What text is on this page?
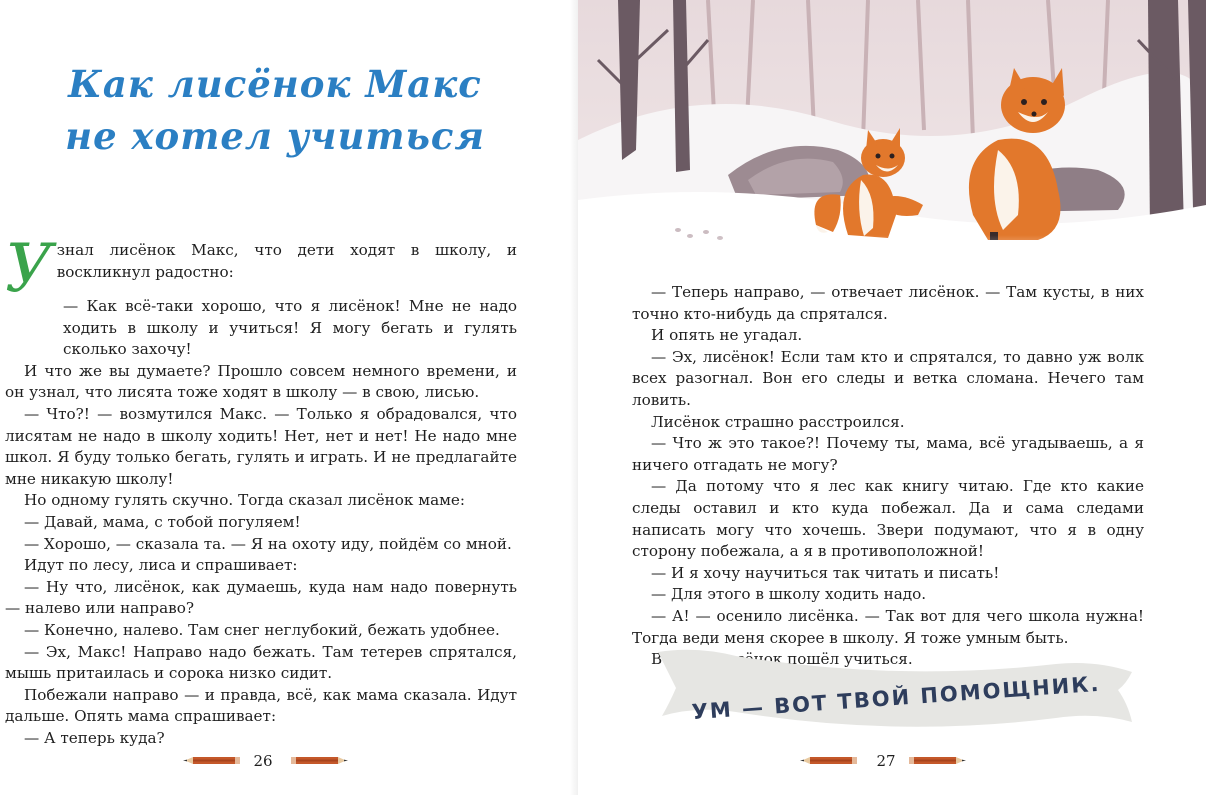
Как лисёнок Макс
не хотел учиться

Узнал лисёнок Макс, что дети ходят в школу, и воскликнул радостно:

— Как всё-таки хорошо, что я лисёнок! Мне не надо ходить в школу и учиться! Я могу бегать и гулять сколько захочу!

И что же вы думаете? Прошло совсем немного времени, и он узнал, что лисята тоже ходят в школу — в свою, лисью.

— Что?! — возмутился Макс. — Только я обрадовался, что лисятам не надо в школу ходить! Нет, нет и нет! Не надо мне школ. Я буду только бегать, гулять и играть. И не предлагайте мне никакую школу!

Но одному гулять скучно. Тогда сказал лисёнок маме:

— Давай, мама, с тобой погуляем!

— Хорошо, — сказала та. — Я на охоту иду, пойдём со мной.

Идут по лесу, лиса и спрашивает:

— Ну что, лисёнок, как думаешь, куда нам надо повернуть — налево или направо?

— Конечно, налево. Там снег неглубокий, бежать удобнее.

— Эх, Макс! Направо надо бежать. Там тетерев спрятался, мышь притаилась и сорока низко сидит.

Побежали направо — и правда, всё, как мама сказала. Идут дальше. Опять мама спрашивает:

— А теперь куда?

26

— Теперь направо, — отвечает лисёнок. — Там кусты, в них точно кто-нибудь да спрятался.

И опять не угадал.

— Эх, лисёнок! Если там кто и спрятался, то давно уж волк всех разогнал. Вон его следы и ветка сломана. Нечего там ловить.

Лисёнок страшно расстроился.

— Что ж это такое?! Почему ты, мама, всё угадываешь, а я ничего отгадать не могу?

— Да потому что я лес как книгу читаю. Где кто какие следы оставил и кто куда побежал. Да и сама следами написать могу что хочешь. Звери подумают, что я в одну сторону побежала, а я в противоположной!

— И я хочу научиться так читать и писать!

— Для этого в школу ходить надо.

— А! — осенило лисёнка. — Так вот для чего школа нужна! Тогда веди меня скорее в школу. Я тоже умным быть.

Вот так лисёнок пошёл учиться.

УМ — ВОТ ТВОЙ ПОМОЩНИК.
27
